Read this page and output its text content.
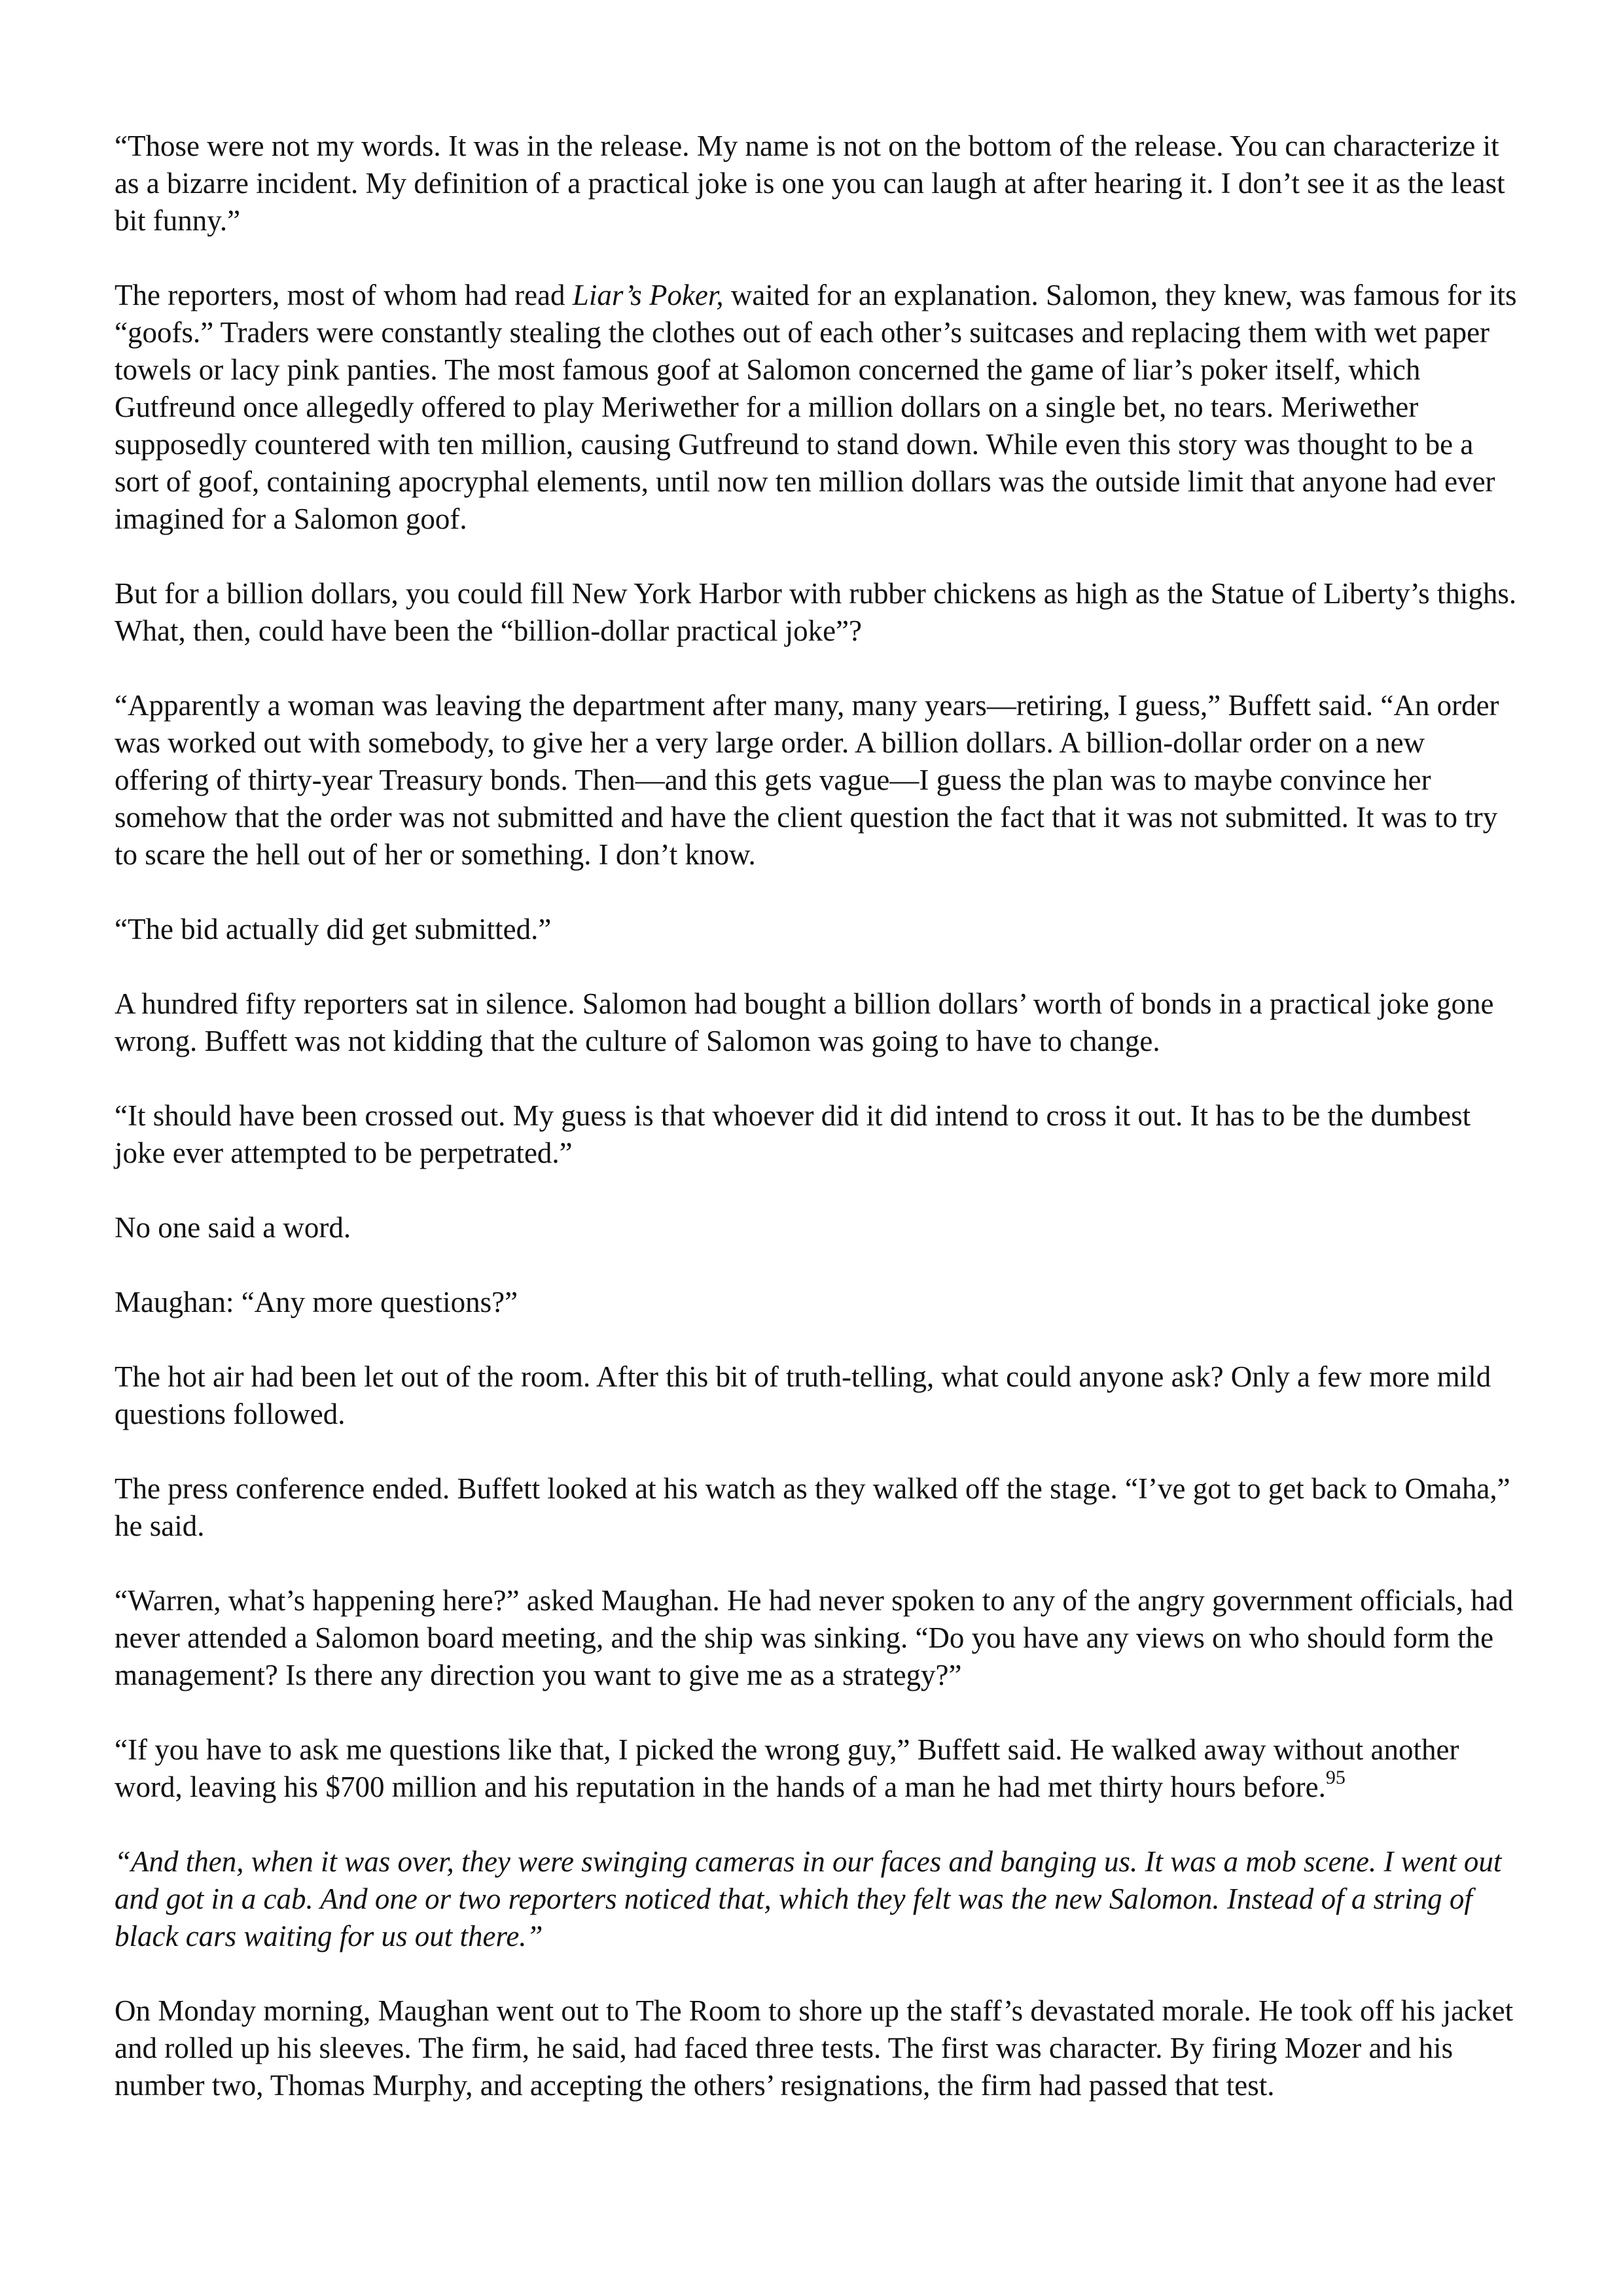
“Those were not my words. It was in the release. My name is not on the bottom of the release. You can characterize it as a bizarre incident. My definition of a practical joke is one you can laugh at after hearing it. I don’t see it as the least bit funny.”

The reporters, most of whom had read Liar’s Poker, waited for an explanation. Salomon, they knew, was famous for its “goofs.” Traders were constantly stealing the clothes out of each other’s suitcases and replacing them with wet paper towels or lacy pink panties. The most famous goof at Salomon concerned the game of liar’s poker itself, which Gutfreund once allegedly offered to play Meriwether for a million dollars on a single bet, no tears. Meriwether supposedly countered with ten million, causing Gutfreund to stand down. While even this story was thought to be a sort of goof, containing apocryphal elements, until now ten million dollars was the outside limit that anyone had ever imagined for a Salomon goof.

But for a billion dollars, you could fill New York Harbor with rubber chickens as high as the Statue of Liberty’s thighs. What, then, could have been the “billion-dollar practical joke”?

“Apparently a woman was leaving the department after many, many years—retiring, I guess,” Buffett said. “An order was worked out with somebody, to give her a very large order. A billion dollars. A billion-dollar order on a new offering of thirty-year Treasury bonds. Then—and this gets vague—I guess the plan was to maybe convince her somehow that the order was not submitted and have the client question the fact that it was not submitted. It was to try to scare the hell out of her or something. I don’t know.

“The bid actually did get submitted.”

A hundred fifty reporters sat in silence. Salomon had bought a billion dollars’ worth of bonds in a practical joke gone wrong. Buffett was not kidding that the culture of Salomon was going to have to change.

“It should have been crossed out. My guess is that whoever did it did intend to cross it out. It has to be the dumbest joke ever attempted to be perpetrated.”

No one said a word.

Maughan: “Any more questions?”

The hot air had been let out of the room. After this bit of truth-telling, what could anyone ask? Only a few more mild questions followed.

The press conference ended. Buffett looked at his watch as they walked off the stage. “I’ve got to get back to Omaha,” he said.

“Warren, what’s happening here?” asked Maughan. He had never spoken to any of the angry government officials, had never attended a Salomon board meeting, and the ship was sinking. “Do you have any views on who should form the management? Is there any direction you want to give me as a strategy?”

“If you have to ask me questions like that, I picked the wrong guy,” Buffett said. He walked away without another word, leaving his $700 million and his reputation in the hands of a man he had met thirty hours before.$^{95}$

“And then, when it was over, they were swinging cameras in our faces and banging us. It was a mob scene. I went out and got in a cab. And one or two reporters noticed that, which they felt was the new Salomon. Instead of a string of black cars waiting for us out there.”

On Monday morning, Maughan went out to The Room to shore up the staff’s devastated morale. He took off his jacket and rolled up his sleeves. The firm, he said, had faced three tests. The first was character. By firing Mozer and his number two, Thomas Murphy, and accepting the others’ resignations, the firm had passed that test.
